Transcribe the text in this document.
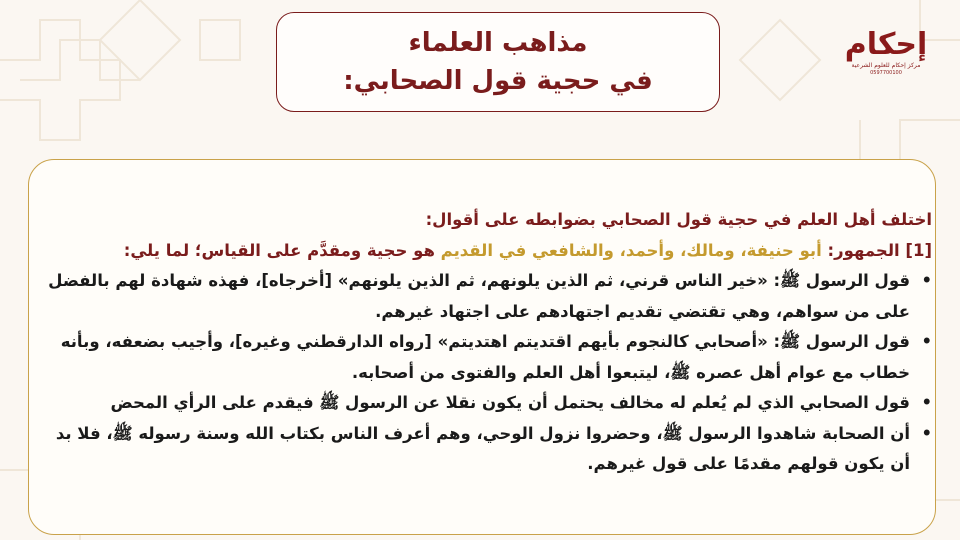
مذاهب العلماء
في حجية قول الصحابي:
إحكام
مركز إحكام للعلوم الشرعية
0597700100
اختلف أهل العلم في حجية قول الصحابي بضوابطه على أقوال:
[1] الجمهور: أبو حنيفة، ومالك، وأحمد، والشافعي في القديم هو حجية ومقدَّم على القياس؛ لما يلي:
• قول الرسول ﷺ: «خير الناس قرني، ثم الذين يلونهم، ثم الذين يلونهم» [أخرجاه]، فهذه شهادة لهم بالفضل على من سواهم، وهي تقتضي تقديم اجتهادهم على اجتهاد غيرهم.
• قول الرسول ﷺ: «أصحابي كالنجوم بأيهم اقتديتم اهتديتم» [رواه الدارقطني وغيره]، وأجيب بضعفه، وبأنه خطاب مع عوام أهل عصره ﷺ، ليتبعوا أهل العلم والفتوى من أصحابه.
• قول الصحابي الذي لم يُعلم له مخالف يحتمل أن يكون نقلا عن الرسول ﷺ فيقدم على الرأي المحض
• أن الصحابة شاهدوا الرسول ﷺ، وحضروا نزول الوحي، وهم أعرف الناس بكتاب الله وسنة رسوله ﷺ، فلا بد أن يكون قولهم مقدمًا على قول غيرهم.
